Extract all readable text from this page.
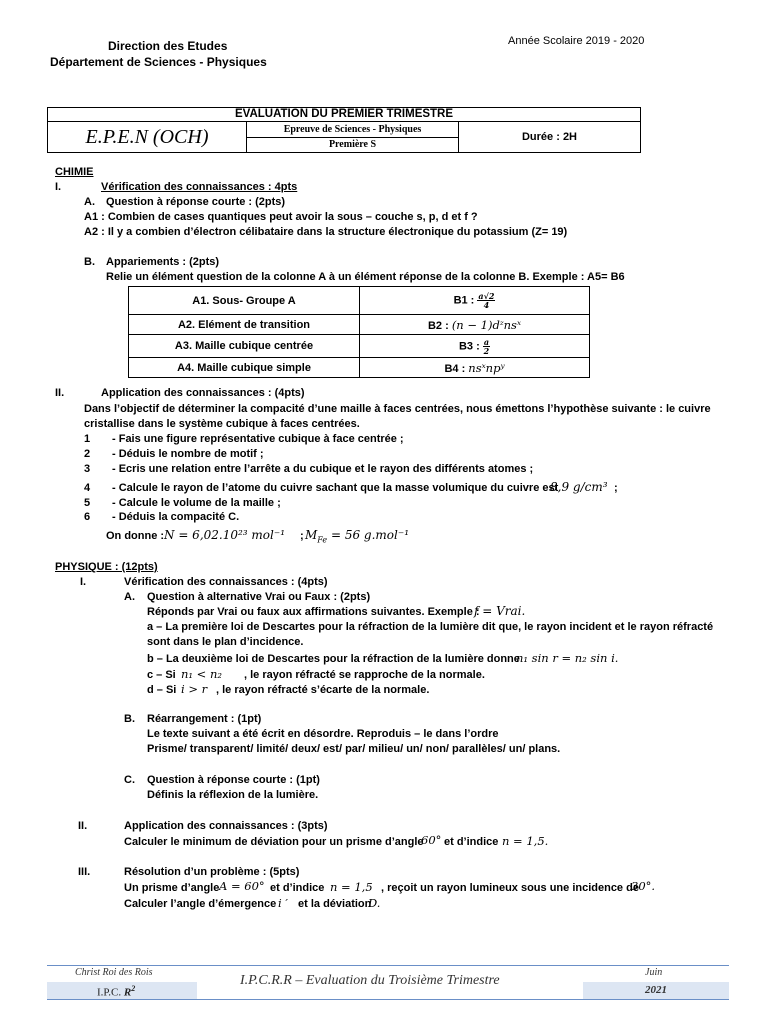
Direction des Etudes
Département de Sciences - Physiques
Année Scolaire 2019 - 2020
EVALUATION DU PREMIER TRIMESTRE
E.P.E.N (OCH)	Epreuve de Sciences - Physiques
Première S
Durée : 2H
CHIMIE
I.	Vérification des connaissances : 4pts
A. Question à réponse courte : (2pts)
A1 : Combien de cases quantiques peut avoir la sous – couche s, p, d et f ?
A2 : Il y a combien d’électron célibataire dans la structure électronique du potassium (Z= 19)
B. Appariements : (2pts)
Relie un élément question de la colonne A à un élément réponse de la colonne B. Exemple : A5= B6
A1. Sous- Groupe A	B1 : $\frac{a√2}{4}$

A2. Elément de transition	B2 : (n − 1)dᶻnsˣ
A3. Maille cubique centrée	B3 : $\frac{a}{2}$

A4. Maille cubique simple	B4 : nsˣnpʸ
II.	Application des connaissances : (4pts)
Dans l’objectif de déterminer la compacité d’une maille à faces centrées, nous émettons l’hypothèse suivante : le cuivre
cristallise dans le système cubique à faces centrées.
1 - Fais une figure représentative cubique à face centrée ;
2 - Déduis le nombre de motif ;
3 - Ecris une relation entre l’arrête a du cubique et le rayon des différents atomes ;
4 - Calcule le rayon de l’atome du cuivre sachant que la masse volumique du cuivre est
8,9 g/cm³ ;
5 - Calcule le volume de la maille ;
6 - Déduis la compacité C.
On donne : N = 6,02.10²³ mol⁻¹ ; $M_{Fe} = 56$ g.mol⁻¹
PHYSIQUE : (12pts)
I.	Vérification des connaissances : (4pts)
A. Question à alternative Vrai ou Faux : (2pts)
Réponds par Vrai ou faux aux affirmations suivantes. Exemple :
f = Vrai.
a – La première loi de Descartes pour la réfraction de la lumière dit que, le rayon incident et le rayon réfracté
sont dans le plan d’incidence.
b – La deuxième loi de Descartes pour la réfraction de la lumière donne
n₁ sin r = n₂ sin i.
c – Si n₁ < n₂ , le rayon réfracté se rapproche de la normale.
d – Si i > r , le rayon réfracté s’écarte de la normale.
B. Réarrangement : (1pt)
Le texte suivant a été écrit en désordre. Reproduis – le dans l’ordre
Prisme/ transparent/ limité/ deux/ est/ par/ milieu/ un/ non/ parallèles/ un/ plans.
C. Question à réponse courte : (1pt)
Définis la réflexion de la lumière.
II.	Application des connaissances : (3pts)
Calculer le minimum de déviation pour un prisme d’angle
60° et d’indice n = 1,5.
III.	Résolution d’un problème : (5pts)
Un prisme d’angle A = 60° et d’indice n = 1,5 , reçoit un rayon lumineux sous une incidence de
30°.
Calculer l’angle d’émergence i ′ et la déviation
D.
Christ Roi des Rois
I.P.C. $R^2$
I.P.C.R.R – Evaluation du Troisième Trimestre
Juin
2021
